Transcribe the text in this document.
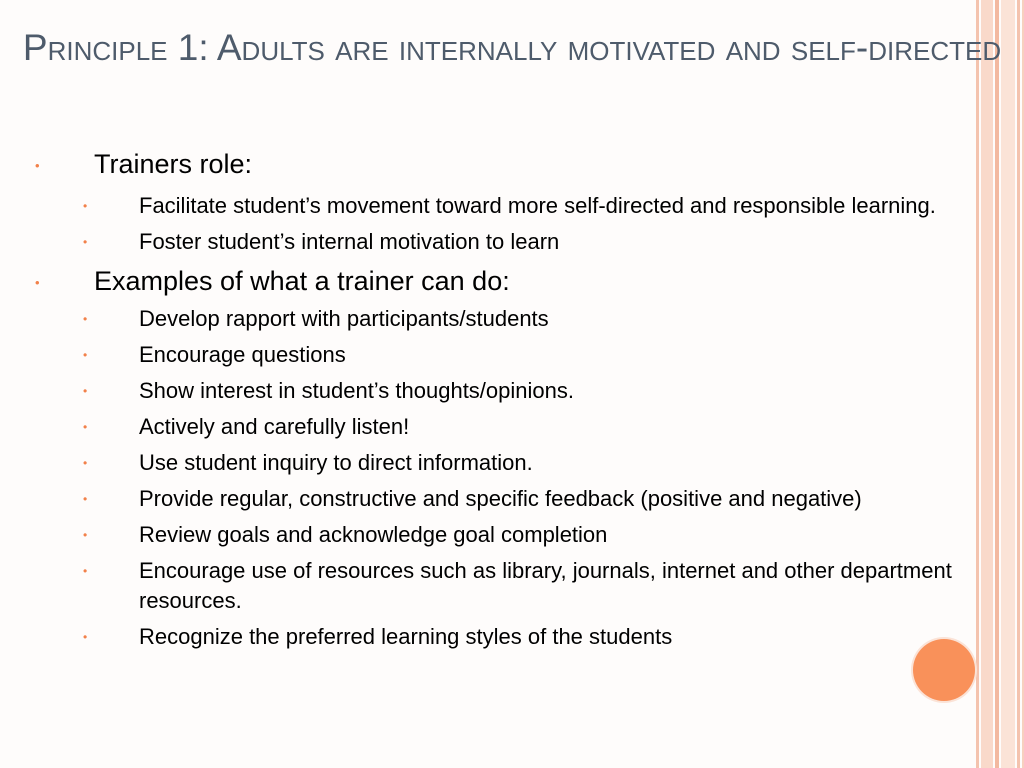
Principle 1: Adults are internally motivated and self-directed
• Trainers role:
• Facilitate student’s movement toward more self-directed and responsible learning.
• Foster student’s internal motivation to learn
• Examples of what a trainer can do:
• Develop rapport with participants/students
• Encourage questions
• Show interest in student’s thoughts/opinions.
• Actively and carefully listen!
• Use student inquiry to direct information.
• Provide regular, constructive and specific feedback (positive and negative)
• Review goals and acknowledge goal completion
• Encourage use of resources such as library, journals, internet and other department resources.
• Recognize the preferred learning styles of the students
